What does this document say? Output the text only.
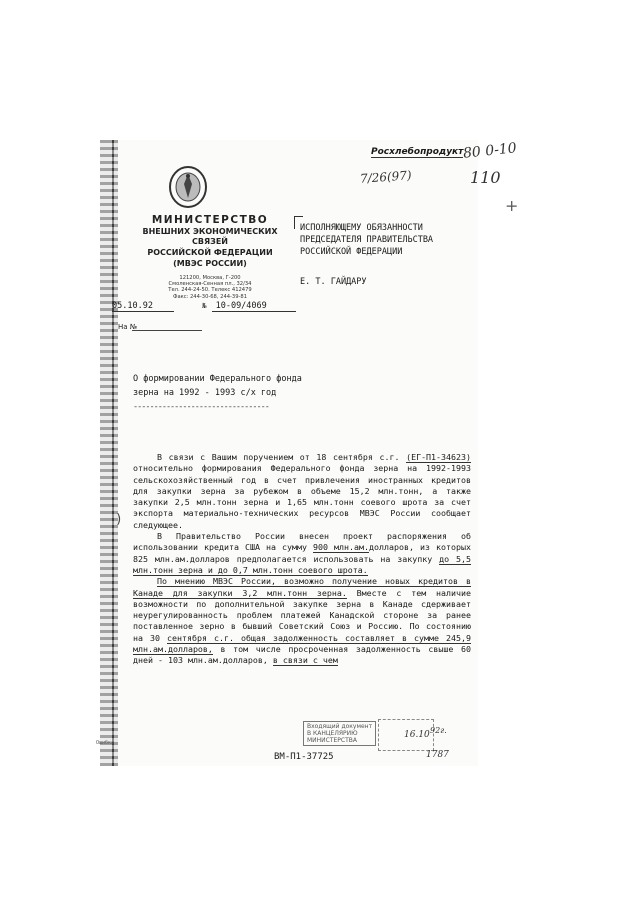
МИНИСТЕРСТВО
ВНЕШНИХ ЭКОНОМИЧЕСКИХ СВЯЗЕЙ
РОССИЙСКОЙ ФЕДЕРАЦИИ
(МВЭС РОССИИ)
121200, Москва, Г-200
Смоленская-Сенная пл., 32/34
Тел. 244-24-50. Телекс 412479
Факс: 244-30-68, 244-39-81
05.10.92	№ 10-09/4069
На №
ИСПОЛНЯЮЩЕМУ ОБЯЗАННОСТИ
ПРЕДСЕДАТЕЛЯ ПРАВИТЕЛЬСТВА
РОССИЙСКОЙ ФЕДЕРАЦИИ
Е. Т. ГАЙДАРУ
Росхлебопродукт
80 0-10
7/26(97)	110
+
О формировании Федерального фонда
зерна на 1992 - 1993 с/х год
---------------------------------
)

В связи с Вашим поручением от 18 сентября с.г. (ЕГ-П1-34623) относительно формирования Федерального фонда зерна на 1992-1993 сельскохозяйственный год в счет привлечения иностранных кредитов для закупки зерна за рубежом в объеме 15,2 млн.тонн, а также закупки 2,5 млн.тонн зерна и 1,65 млн.тонн соевого шрота за счет экспорта материально-технических ресурсов МВЭС России сообщает следующее.

В Правительство России внесен проект распоряжения об использовании кредита США на сумму 900 млн.ам.долларов, из которых 825 млн.ам.долларов предполагается использовать на закупку до 5,5 млн.тонн зерна и до 0,7 млн.тонн соевого шрота.

По мнению МВЭС России, возможно получение новых кредитов в Канаде для закупки 3,2 млн.тонн зерна. Вместе с тем наличие возможности по дополнительной закупке зерна в Канаде сдерживает неурегулированность проблем платежей Канадской стороне за ранее поставленное зерно в бывший Советский Союз и Россию. По состоянию на 30 сентября с.г. общая задолженность составляет в сумме 245,9 млн.ам.долларов, в том числе просроченная задолженность свыше 60 дней - 103 млн.ам.долларов, в связи с чем

Входящий документ
В КАНЦЕЛЯРИЮ
МИНИСТЕРСТВА
16.10 92г.
1787
ВМ-П1-37725
Ошибка
